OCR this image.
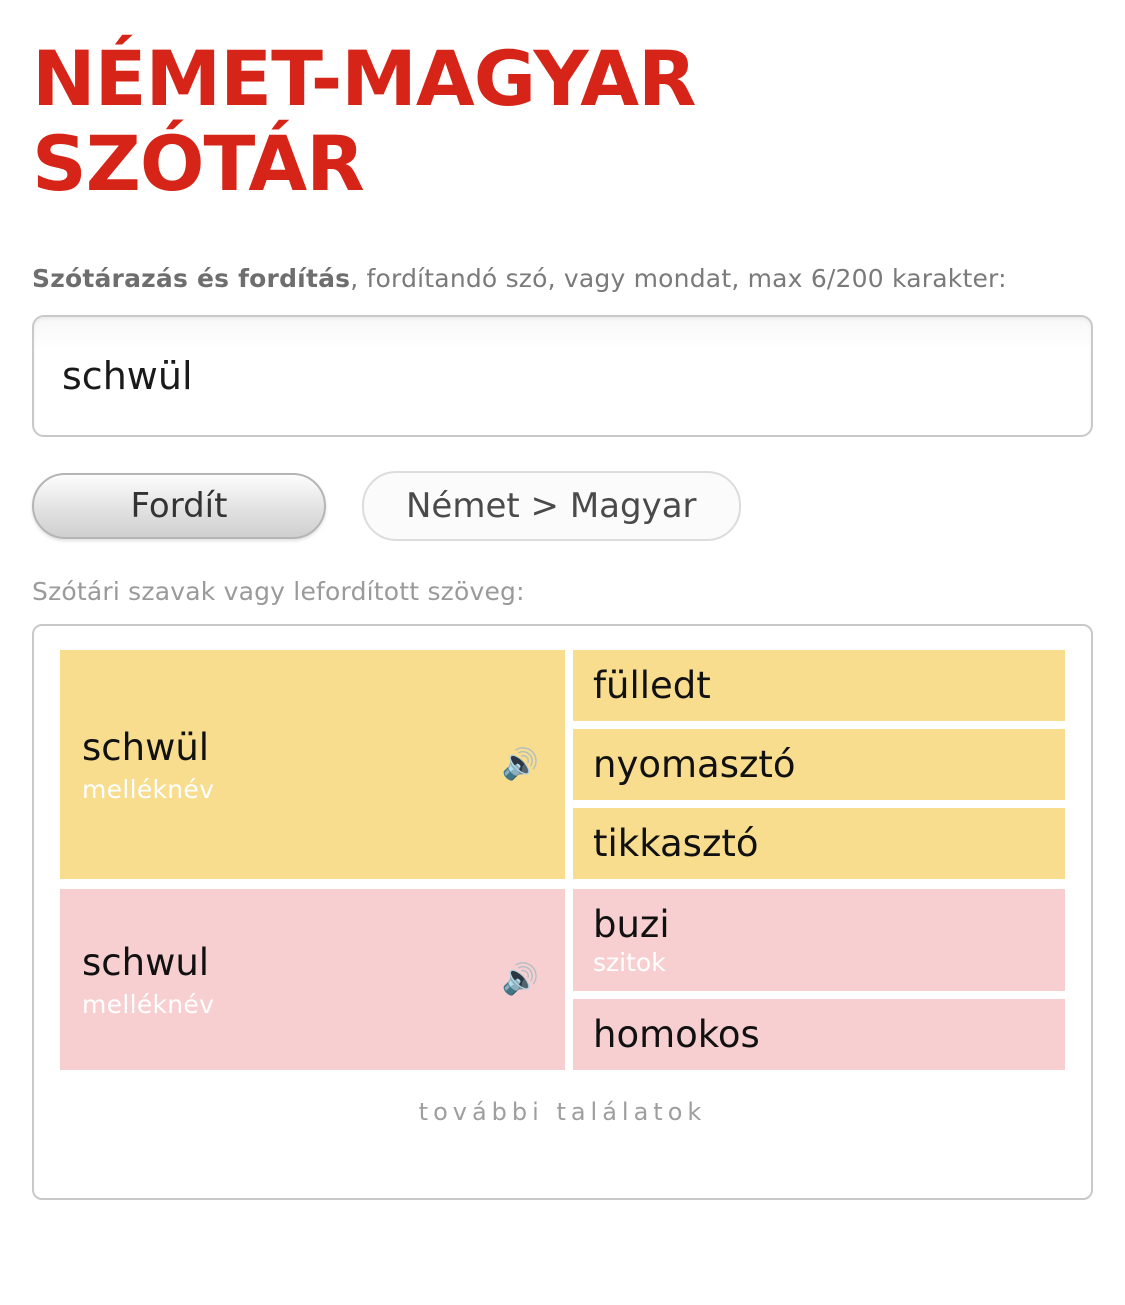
NÉMET-MAGYAR
SZÓTÁR
Szótárazás és fordítás, fordítandó szó, vagy mondat, max 6/200 karakter:
schwül
Fordít	Német > Magyar
Szótári szavak vagy lefordított szöveg:
schwül
melléknév
🔊
fülledt
nyomasztó
tikkasztó
schwul
melléknév
🔊
buzi
szitok
homokos
további találatok
